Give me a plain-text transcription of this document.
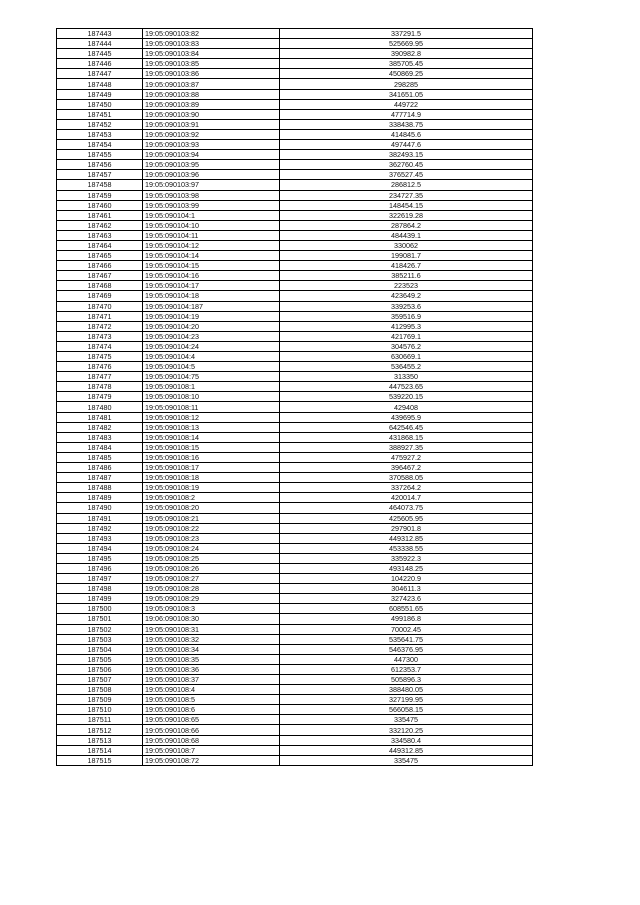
187443	19:05:090103:82	337291.5
187444	19:05:090103:83	525669.95
187445	19:05:090103:84	390982.8
187446	19:05:090103:85	385705.45
187447	19:05:090103:86	450869.25
187448	19:05:090103:87	298285
187449	19:05:090103:88	341651.05
187450	19:05:090103:89	449722
187451	19:05:090103:90	477714.9
187452	19:05:090103:91	338438.75
187453	19:05:090103:92	414845.6
187454	19:05:090103:93	497447.6
187455	19:05:090103:94	382493.15
187456	19:05:090103:95	362760.45
187457	19:05:090103:96	376527.45
187458	19:05:090103:97	286812.5
187459	19:05:090103:98	234727.35
187460	19:05:090103:99	148454.15
187461	19:05:090104:1	322619.28
187462	19:05:090104:10	287864.2
187463	19:05:090104:11	484439.1
187464	19:05:090104:12	330062
187465	19:05:090104:14	199081.7
187466	19:05:090104:15	418426.7
187467	19:05:090104:16	385211.6
187468	19:05:090104:17	223523
187469	19:05:090104:18	423649.2
187470	19:05:090104:187	339253.6
187471	19:05:090104:19	359516.9
187472	19:05:090104:20	412995.3
187473	19:05:090104:23	421769.1
187474	19:05:090104:24	304576.2
187475	19:05:090104:4	630669.1
187476	19:05:090104:5	536455.2
187477	19:05:090104:75	313350
187478	19:05:090108:1	447523.65
187479	19:05:090108:10	539220.15
187480	19:05:090108:11	429408
187481	19:05:090108:12	439695.9
187482	19:05:090108:13	642546.45
187483	19:05:090108:14	431868.15
187484	19:05:090108:15	388927.35
187485	19:05:090108:16	475927.2
187486	19:05:090108:17	396467.2
187487	19:05:090108:18	370588.05
187488	19:05:090108:19	337264.2
187489	19:05:090108:2	420014.7
187490	19:05:090108:20	464073.75
187491	19:05:090108:21	425605.95
187492	19:05:090108:22	297901.8
187493	19:05:090108:23	449312.85
187494	19:05:090108:24	453338.55
187495	19:05:090108:25	335922.3
187496	19:05:090108:26	493148.25
187497	19:05:090108:27	104220.9
187498	19:05:090108:28	304611.3
187499	19:05:090108:29	327423.6
187500	19:05:090108:3	608551.65
187501	19:06:090108:30	499186.8
187502	19:05:090108:31	70002.45
187503	19:05:090108:32	535641.75
187504	19:05:090108:34	546376.95
187505	19:05:090108:35	447300
187506	19:05:090108:36	612353.7
187507	19:05:090108:37	505896.3
187508	19:05:090108:4	388480.05
187509	19:05:090108:5	327199.95
187510	19:05:090108:6	566058.15
187511	19:05:090108:65	335475
187512	19:05:090108:66	332120.25
187513	19:05:090108:68	334580.4
187514	19:05:090108:7	449312.85
187515	19:05:090108:72	335475
